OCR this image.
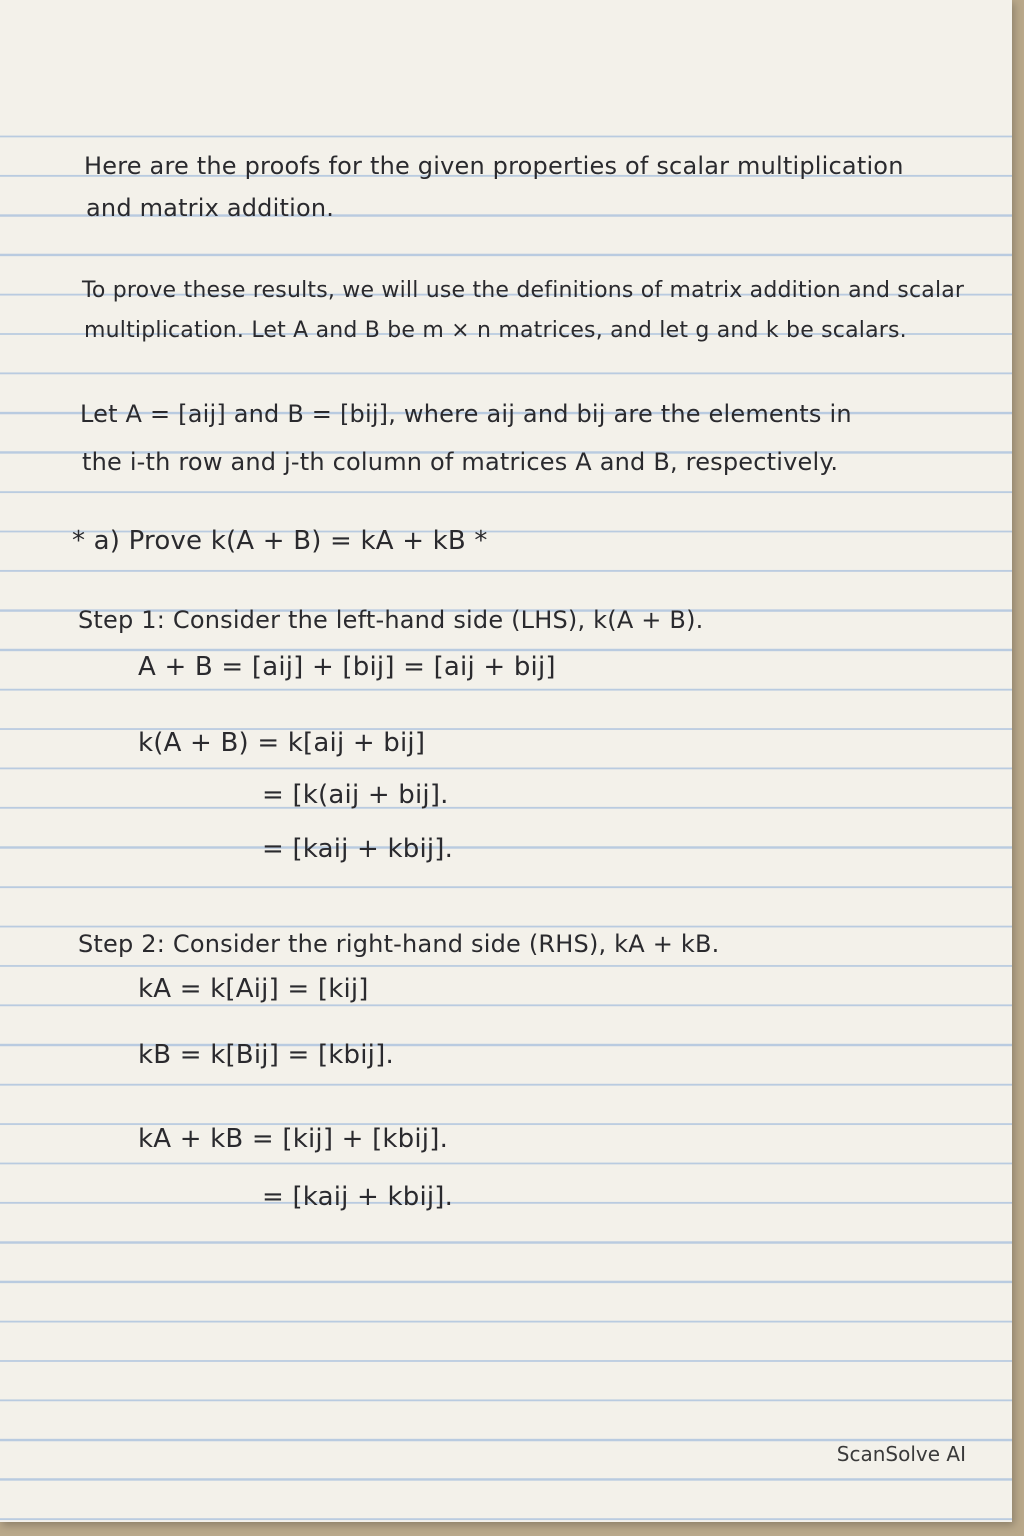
Here are the proofs for the given properties of scalar multiplication
and matrix addition.
To prove these results, we will use the definitions of matrix addition and scalar
multiplication. Let A and B be m × n matrices, and let g and k be scalars.
Let A = [aij] and B = [bij], where aij and bij are the elements in
the i-th row and j-th column of matrices A and B, respectively.
* a) Prove k(A + B) = kA + kB *
Step 1: Consider the left-hand side (LHS), k(A + B).
A + B = [aij] + [bij] = [aij + bij]
k(A + B) = k[aij + bij]
= [k(aij + bij].
= [kaij + kbij].
Step 2: Consider the right-hand side (RHS), kA + kB.
kA = k[Aij] = [kij]
kB = k[Bij] = [kbij].
kA + kB = [kij] + [kbij].
= [kaij + kbij].
ScanSolve AI
